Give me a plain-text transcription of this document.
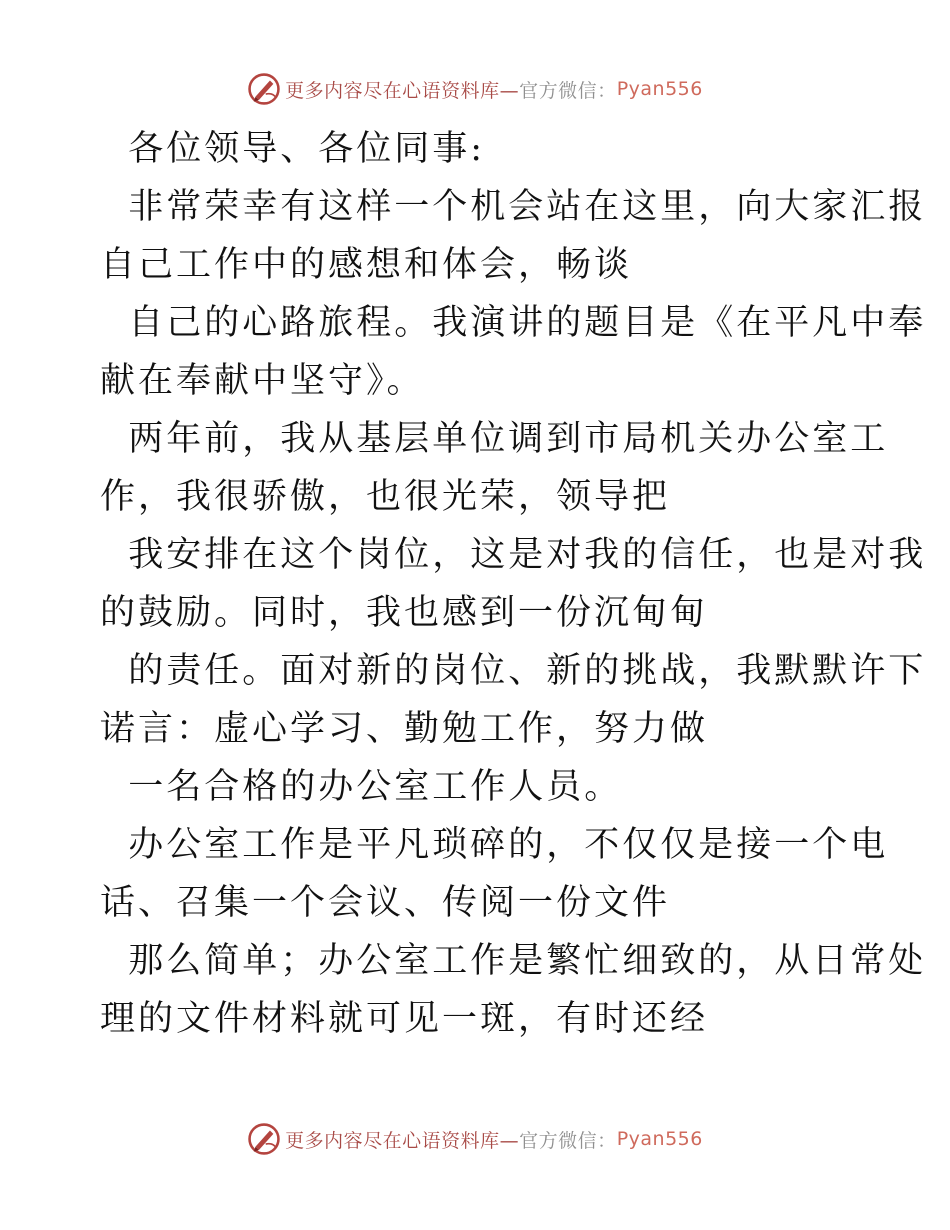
更多内容尽在心语资料库— 官方微信： Pyan556

各位领导、各位同事:

非常荣幸有这样一个机会站在这里，向大家汇报

自己工作中的感想和体会，畅谈

自己的心路旅程。我演讲的题目是《在平凡中奉

献在奉献中坚守》。

两年前，我从基层单位调到市局机关办公室工

作，我很骄傲，也很光荣，领导把

我安排在这个岗位，这是对我的信任，也是对我

的鼓励。同时，我也感到一份沉甸甸

的责任。面对新的岗位、新的挑战，我默默许下

诺言：虚心学习、勤勉工作，努力做

一名合格的办公室工作人员。

办公室工作是平凡琐碎的，不仅仅是接一个电

话、召集一个会议、传阅一份文件

那么简单；办公室工作是繁忙细致的，从日常处

理的文件材料就可见一斑，有时还经

更多内容尽在心语资料库— 官方微信： Pyan556
